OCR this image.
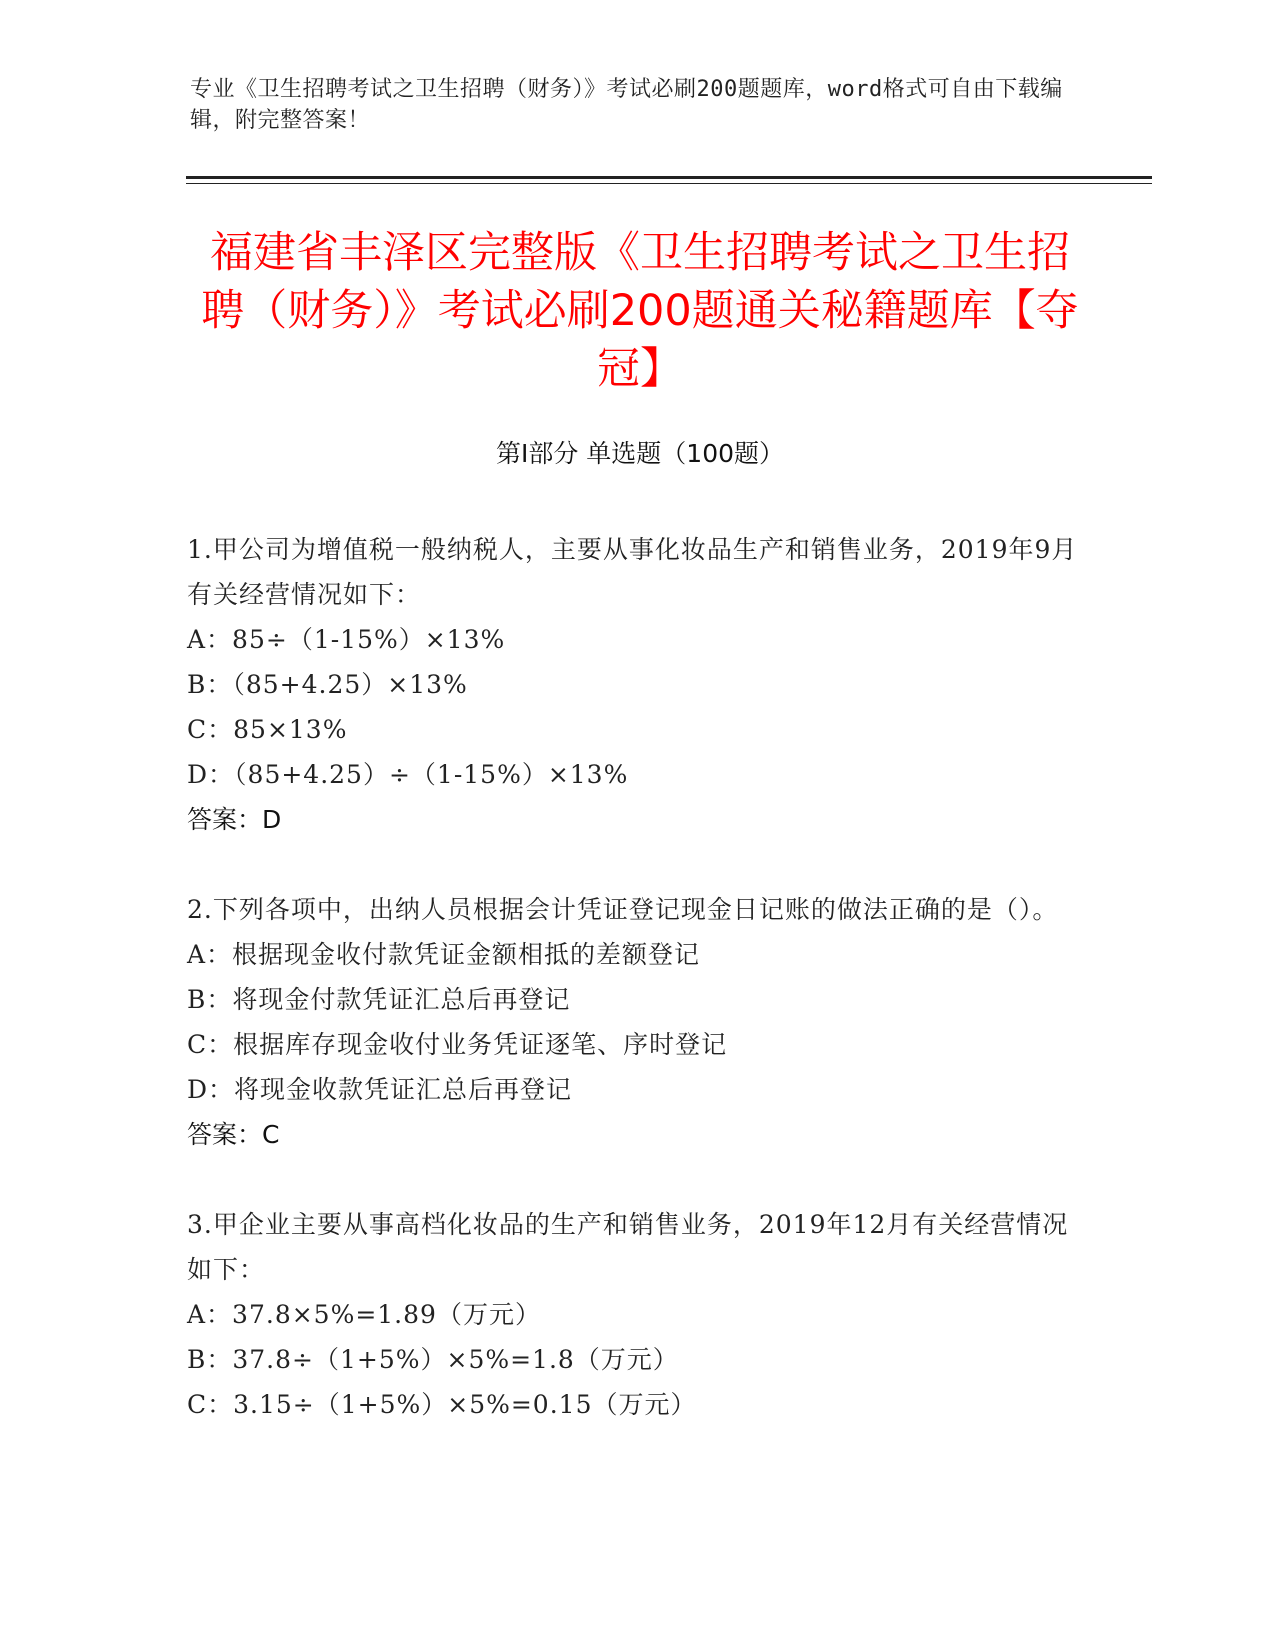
专业《卫生招聘考试之卫生招聘（财务）》考试必刷200题题库，word格式可自由下载编辑，附完整答案！
福建省丰泽区完整版《卫生招聘考试之卫生招聘（财务）》考试必刷200题通关秘籍题库【夺冠】
第I部分 单选题（100题）
1.甲公司为增值税一般纳税人，主要从事化妆品生产和销售业务，2019年9月有关经营情况如下：
A：85÷（1-15%）×13%
B：（85+4.25）×13%
C：85×13%
D：（85+4.25）÷（1-15%）×13%
答案：D
2.下列各项中，出纳人员根据会计凭证登记现金日记账的做法正确的是（）。
A：根据现金收付款凭证金额相抵的差额登记
B：将现金付款凭证汇总后再登记
C：根据库存现金收付业务凭证逐笔、序时登记
D：将现金收款凭证汇总后再登记
答案：C
3.甲企业主要从事高档化妆品的生产和销售业务，2019年12月有关经营情况如下：
A：37.8×5%=1.89（万元）
B：37.8÷（1+5%）×5%=1.8（万元）
C：3.15÷（1+5%）×5%=0.15（万元）
